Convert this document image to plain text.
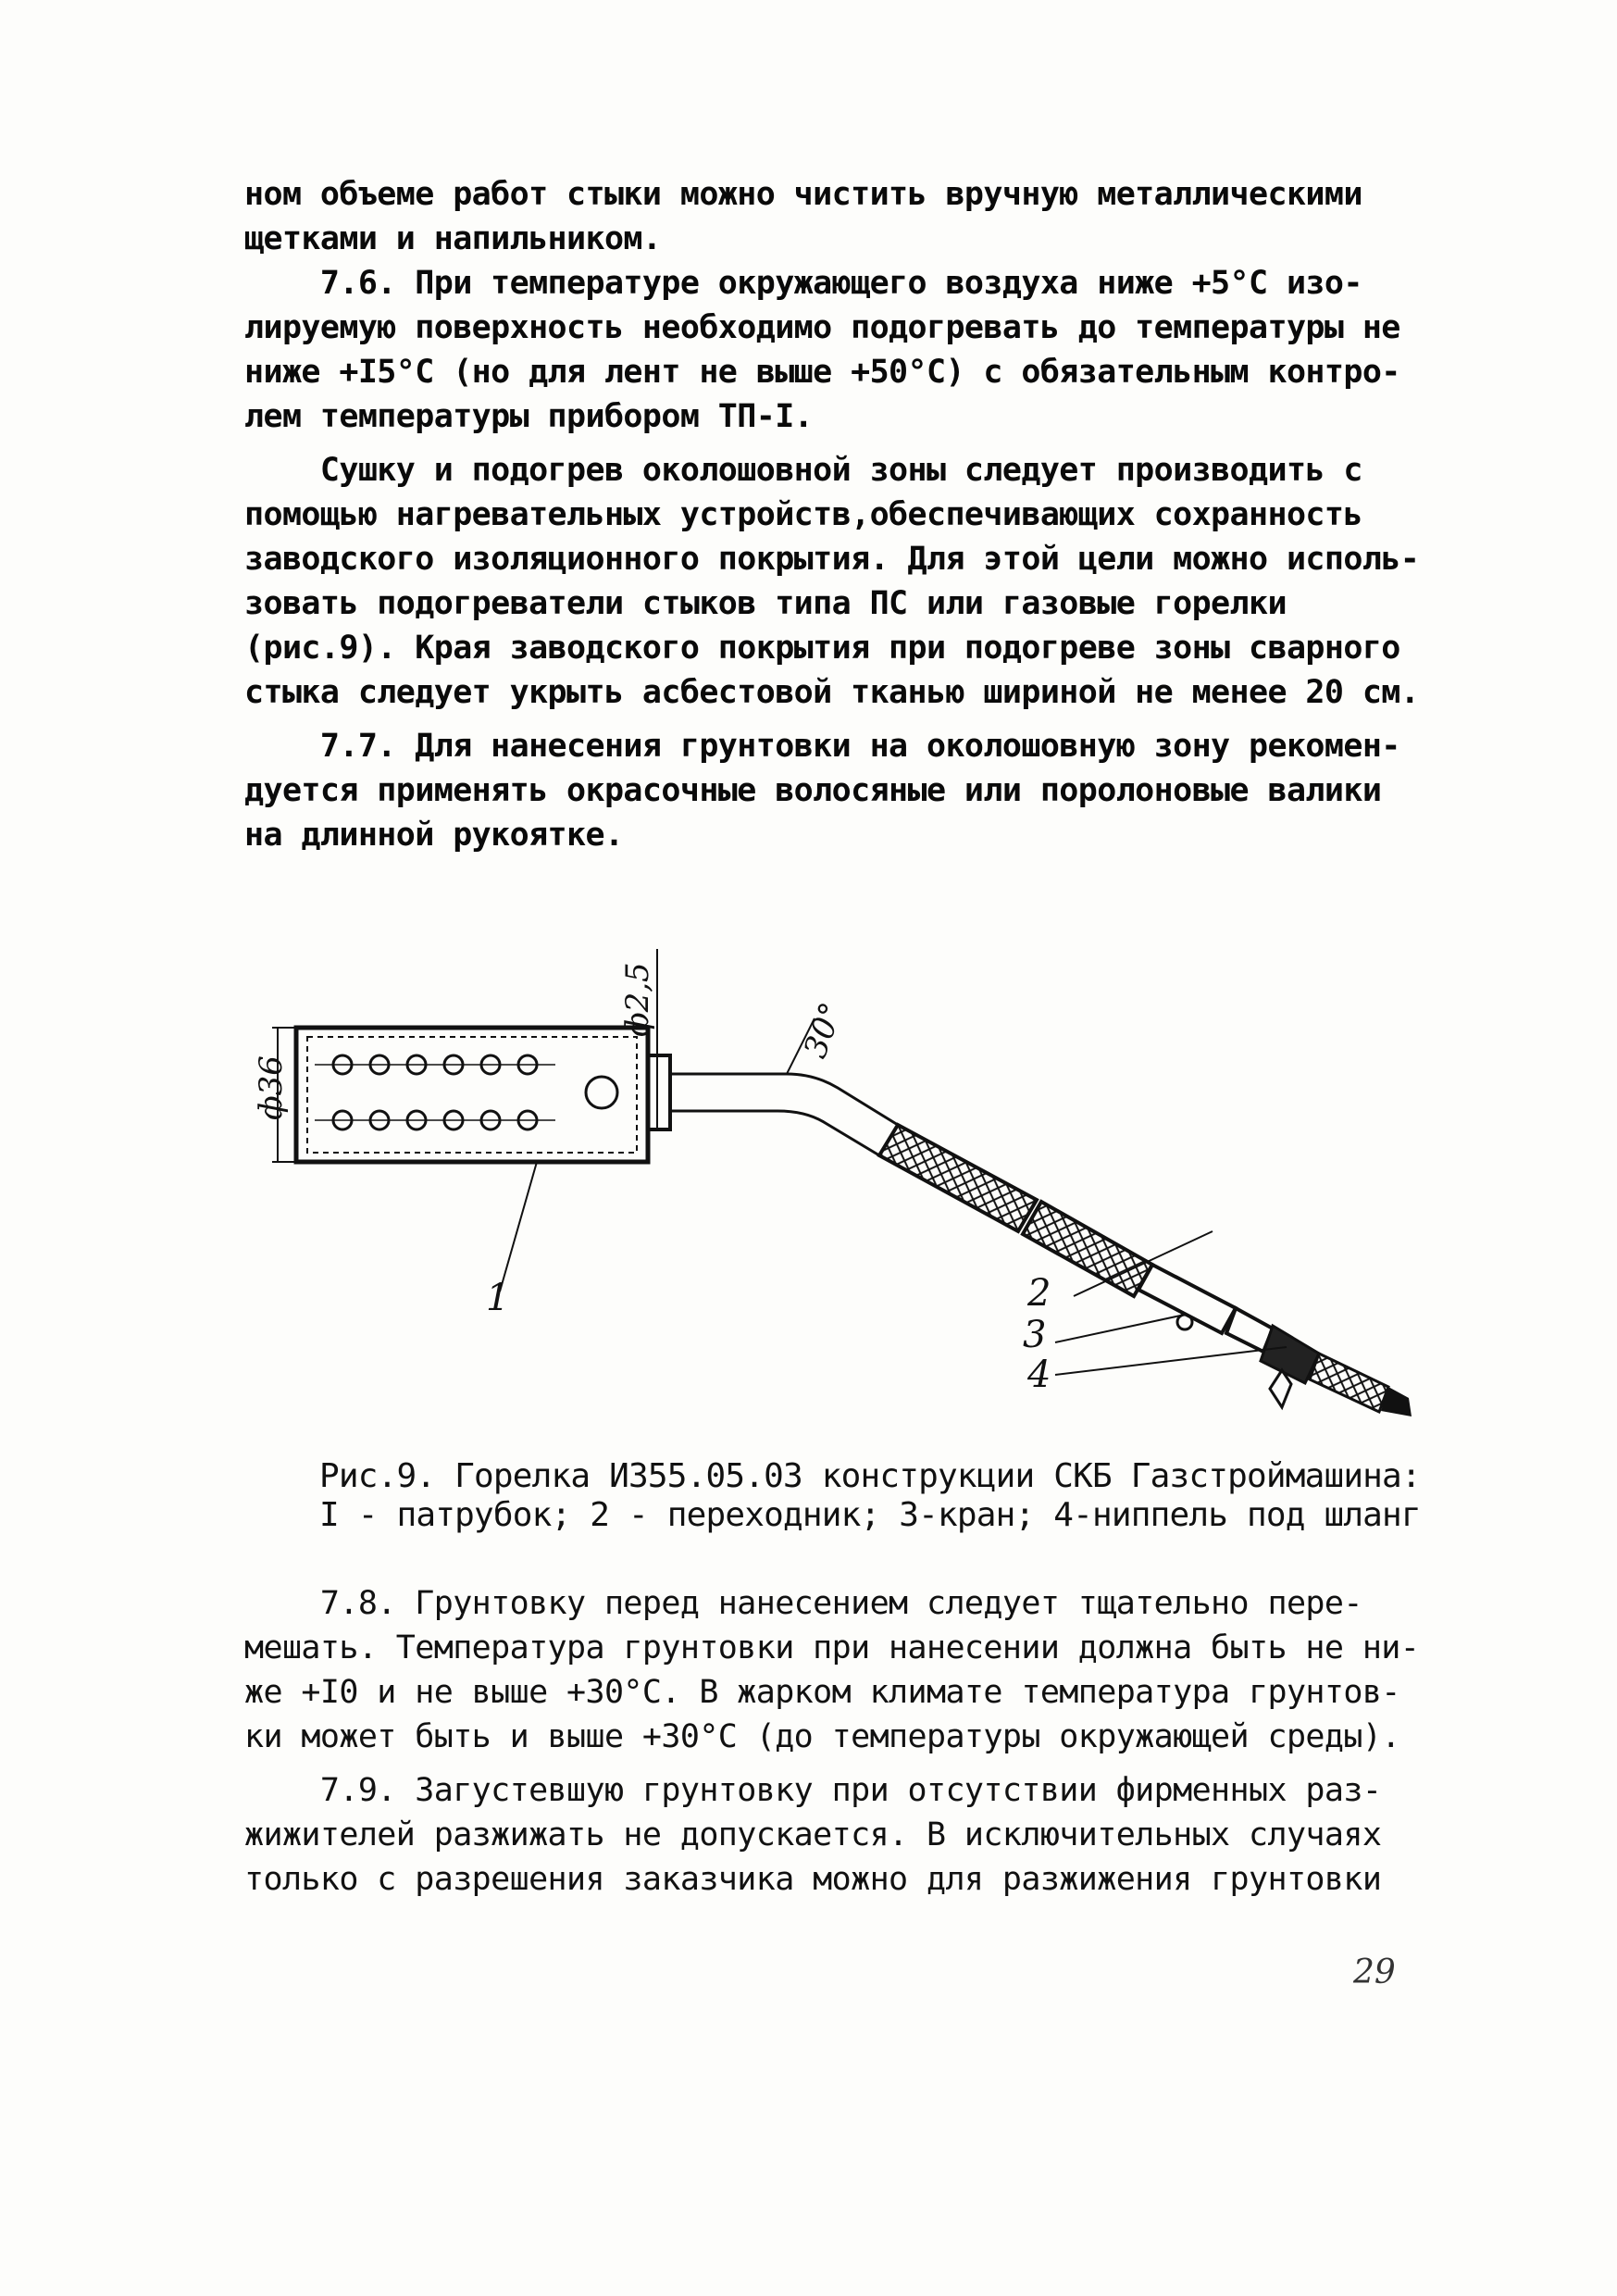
ном объеме работ стыки можно чистить вручную металлическими
щетками и напильником.
7.6. При температуре окружающего воздуха ниже +5°С изо-
лируемую поверхность необходимо подогревать до температуры не
ниже +I5°С (но для лент не выше +50°С) с обязательным контро-
лем температуры прибором ТП-I.
Сушку и подогрев околошовной зоны следует производить с
помощью нагревательных устройств,обеспечивающих сохранность
заводского изоляционного покрытия. Для этой цели можно исполь-
зовать подогреватели стыков типа ПС или газовые горелки
(рис.9). Края заводского покрытия при подогреве зоны сварного
стыка следует укрыть асбестовой тканью шириной не менее 20 см.
7.7. Для нанесения грунтовки на околошовную зону рекомен-
дуется применять окрасочные волосяные или поролоновые валики
на длинной рукоятке.
ф36
ф2,5	30°
1	2
3
4
Рис.9. Горелка И355.05.03 конструкции СКБ Газстроймашина:
I - патрубок; 2 - переходник; 3-кран; 4-ниппель под шланг
7.8. Грунтовку перед нанесением следует тщательно пере-
мешать. Температура грунтовки при нанесении должна быть не ни-
же +I0 и не выше +30°С. В жарком климате температура грунтов-
ки может быть и выше +30°С (до температуры окружающей среды).
7.9. Загустевшую грунтовку при отсутствии фирменных раз-
жижителей разжижать не допускается. В исключительных случаях
только с разрешения заказчика можно для разжижения грунтовки
29
